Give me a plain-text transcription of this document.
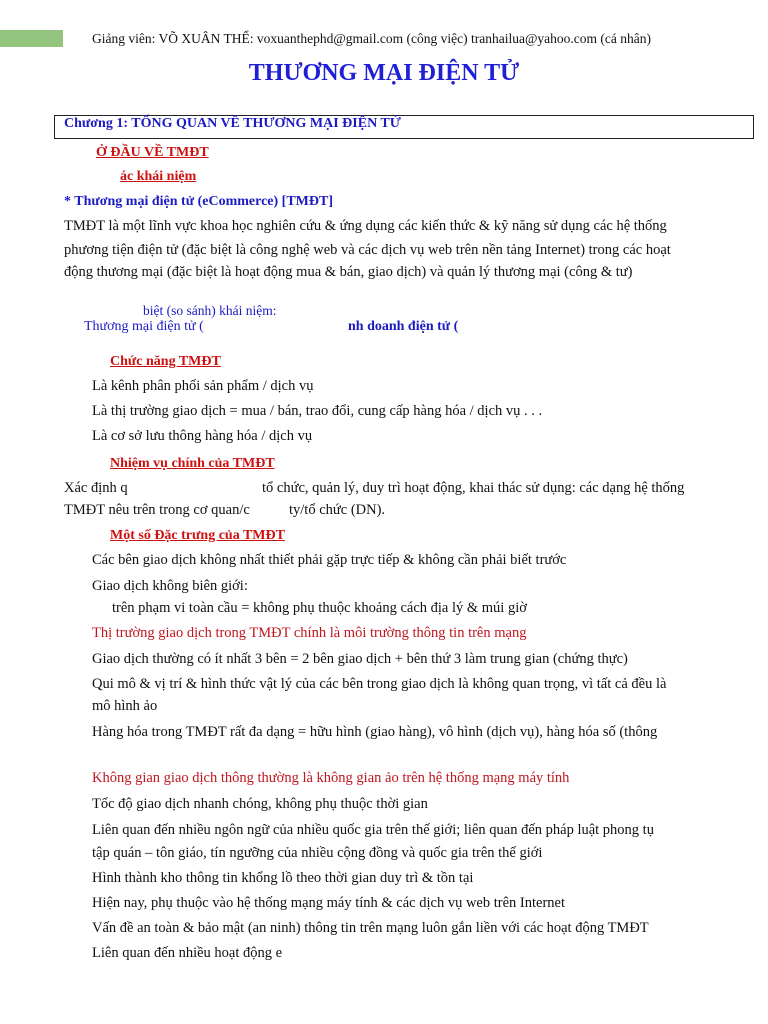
Giảng viên: VÕ XUÂN THỂ: voxuanthephd@gmail.com (công việc) tranhailua@yahoo.com (cá nhân)
THƯƠNG MẠI ĐIỆN TỬ
Chương 1: TỔNG QUAN VỀ THƯƠNG MẠI ĐIỆN TỬ
Ở ĐẦU VỀ TMĐT
ác khái niệm
* Thương mại điện tử (eCommerce) [TMĐT]
TMĐT là một lĩnh vực khoa học nghiên cứu & ứng dụng các kiến thức & kỹ năng sử dụng các hệ thống
phương tiện điện tử (đặc biệt là công nghệ web và các dịch vụ web trên nền tảng Internet) trong các hoạt
động thương mại (đặc biệt là hoạt động mua & bán, giao dịch) và quản lý thương mại (công & tư)
biệt (so sánh) khái niệm:
Thương mại điện tử (	nh doanh điện tử (
Chức năng TMĐT
Là kênh phân phối sản phẩm / dịch vụ
Là thị trường giao dịch = mua / bán, trao đổi, cung cấp hàng hóa / dịch vụ . . .
Là cơ sở lưu thông hàng hóa / dịch vụ
Nhiệm vụ chính của TMĐT
Xác định q	tổ chức, quản lý, duy trì hoạt động, khai thác sử dụng: các dạng hệ thống
TMĐT nêu trên trong cơ quan/c	ty/tổ chức (DN).
Một số Đặc trưng của TMĐT
Các bên giao dịch không nhất thiết phải gặp trực tiếp & không cần phải biết trước
Giao dịch không biên giới:
trên phạm vi toàn cầu = không phụ thuộc khoảng cách địa lý & múi giờ
Thị trường giao dịch trong TMĐT chính là môi trường thông tin trên mạng
Giao dịch thường có ít nhất 3 bên = 2 bên giao dịch + bên thứ 3 làm trung gian (chứng thực)
Qui mô & vị trí & hình thức vật lý của các bên trong giao dịch là không quan trọng, vì tất cả đều là
mô hình ảo
Hàng hóa trong TMĐT rất đa dạng = hữu hình (giao hàng), vô hình (dịch vụ), hàng hóa số (thông
Không gian giao dịch thông thường là không gian ảo trên hệ thống mạng máy tính
Tốc độ giao dịch nhanh chóng, không phụ thuộc thời gian
Liên quan đến nhiều ngôn ngữ của nhiều quốc gia trên thế giới; liên quan đến pháp luật phong tụ
tập quán – tôn giáo, tín ngưỡng của nhiều cộng đồng và quốc gia trên thế giới
Hình thành kho thông tin khổng lồ theo thời gian duy trì & tồn tại
Hiện nay, phụ thuộc vào hệ thống mạng máy tính & các dịch vụ web trên Internet
Vấn đề an toàn & bảo mật (an ninh) thông tin trên mạng luôn gắn liền với các hoạt động TMĐT
Liên quan đến nhiều hoạt động e
